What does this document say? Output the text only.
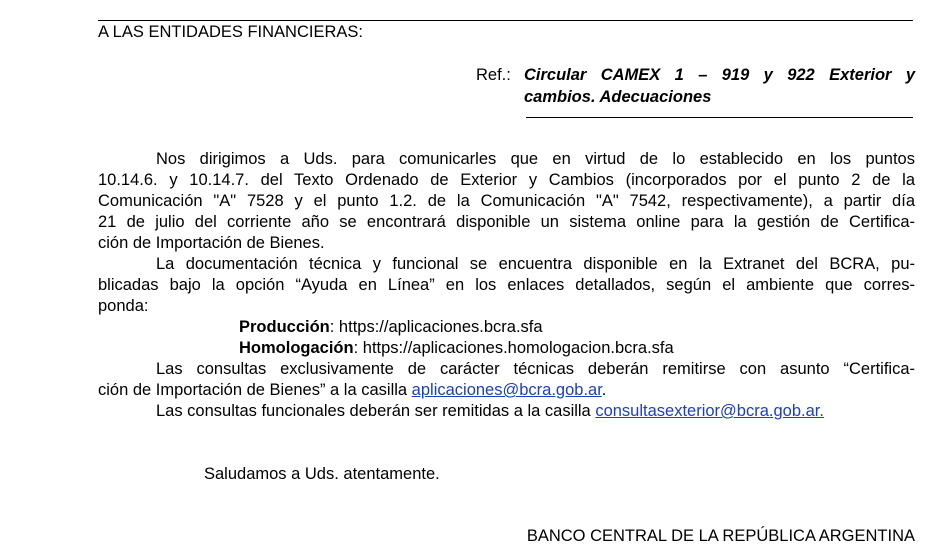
A LAS ENTIDADES FINANCIERAS:
Ref.: Circular CAMEX 1 – 919 y 922 Exterior y
cambios. Adecuaciones
Nos dirigimos a Uds. para comunicarles que en virtud de lo establecido en los puntos
10.14.6. y 10.14.7. del Texto Ordenado de Exterior y Cambios (incorporados por el punto 2 de la
Comunicación "A" 7528 y el punto 1.2. de la Comunicación "A" 7542, respectivamente), a partir día
21 de julio del corriente año se encontrará disponible un sistema online para la gestión de Certifica-
ción de Importación de Bienes.
La documentación técnica y funcional se encuentra disponible en la Extranet del BCRA, pu-
blicadas bajo la opción “Ayuda en Línea” en los enlaces detallados, según el ambiente que corres-
ponda:
Producción: https://aplicaciones.bcra.sfa
Homologación: https://aplicaciones.homologacion.bcra.sfa
Las consultas exclusivamente de carácter técnicas deberán remitirse con asunto “Certifica-
ción de Importación de Bienes” a la casilla aplicaciones@bcra.gob.ar.
Las consultas funcionales deberán ser remitidas a la casilla consultasexterior@bcra.gob.ar.
Saludamos a Uds. atentamente.
BANCO CENTRAL DE LA REPÚBLICA ARGENTINA
